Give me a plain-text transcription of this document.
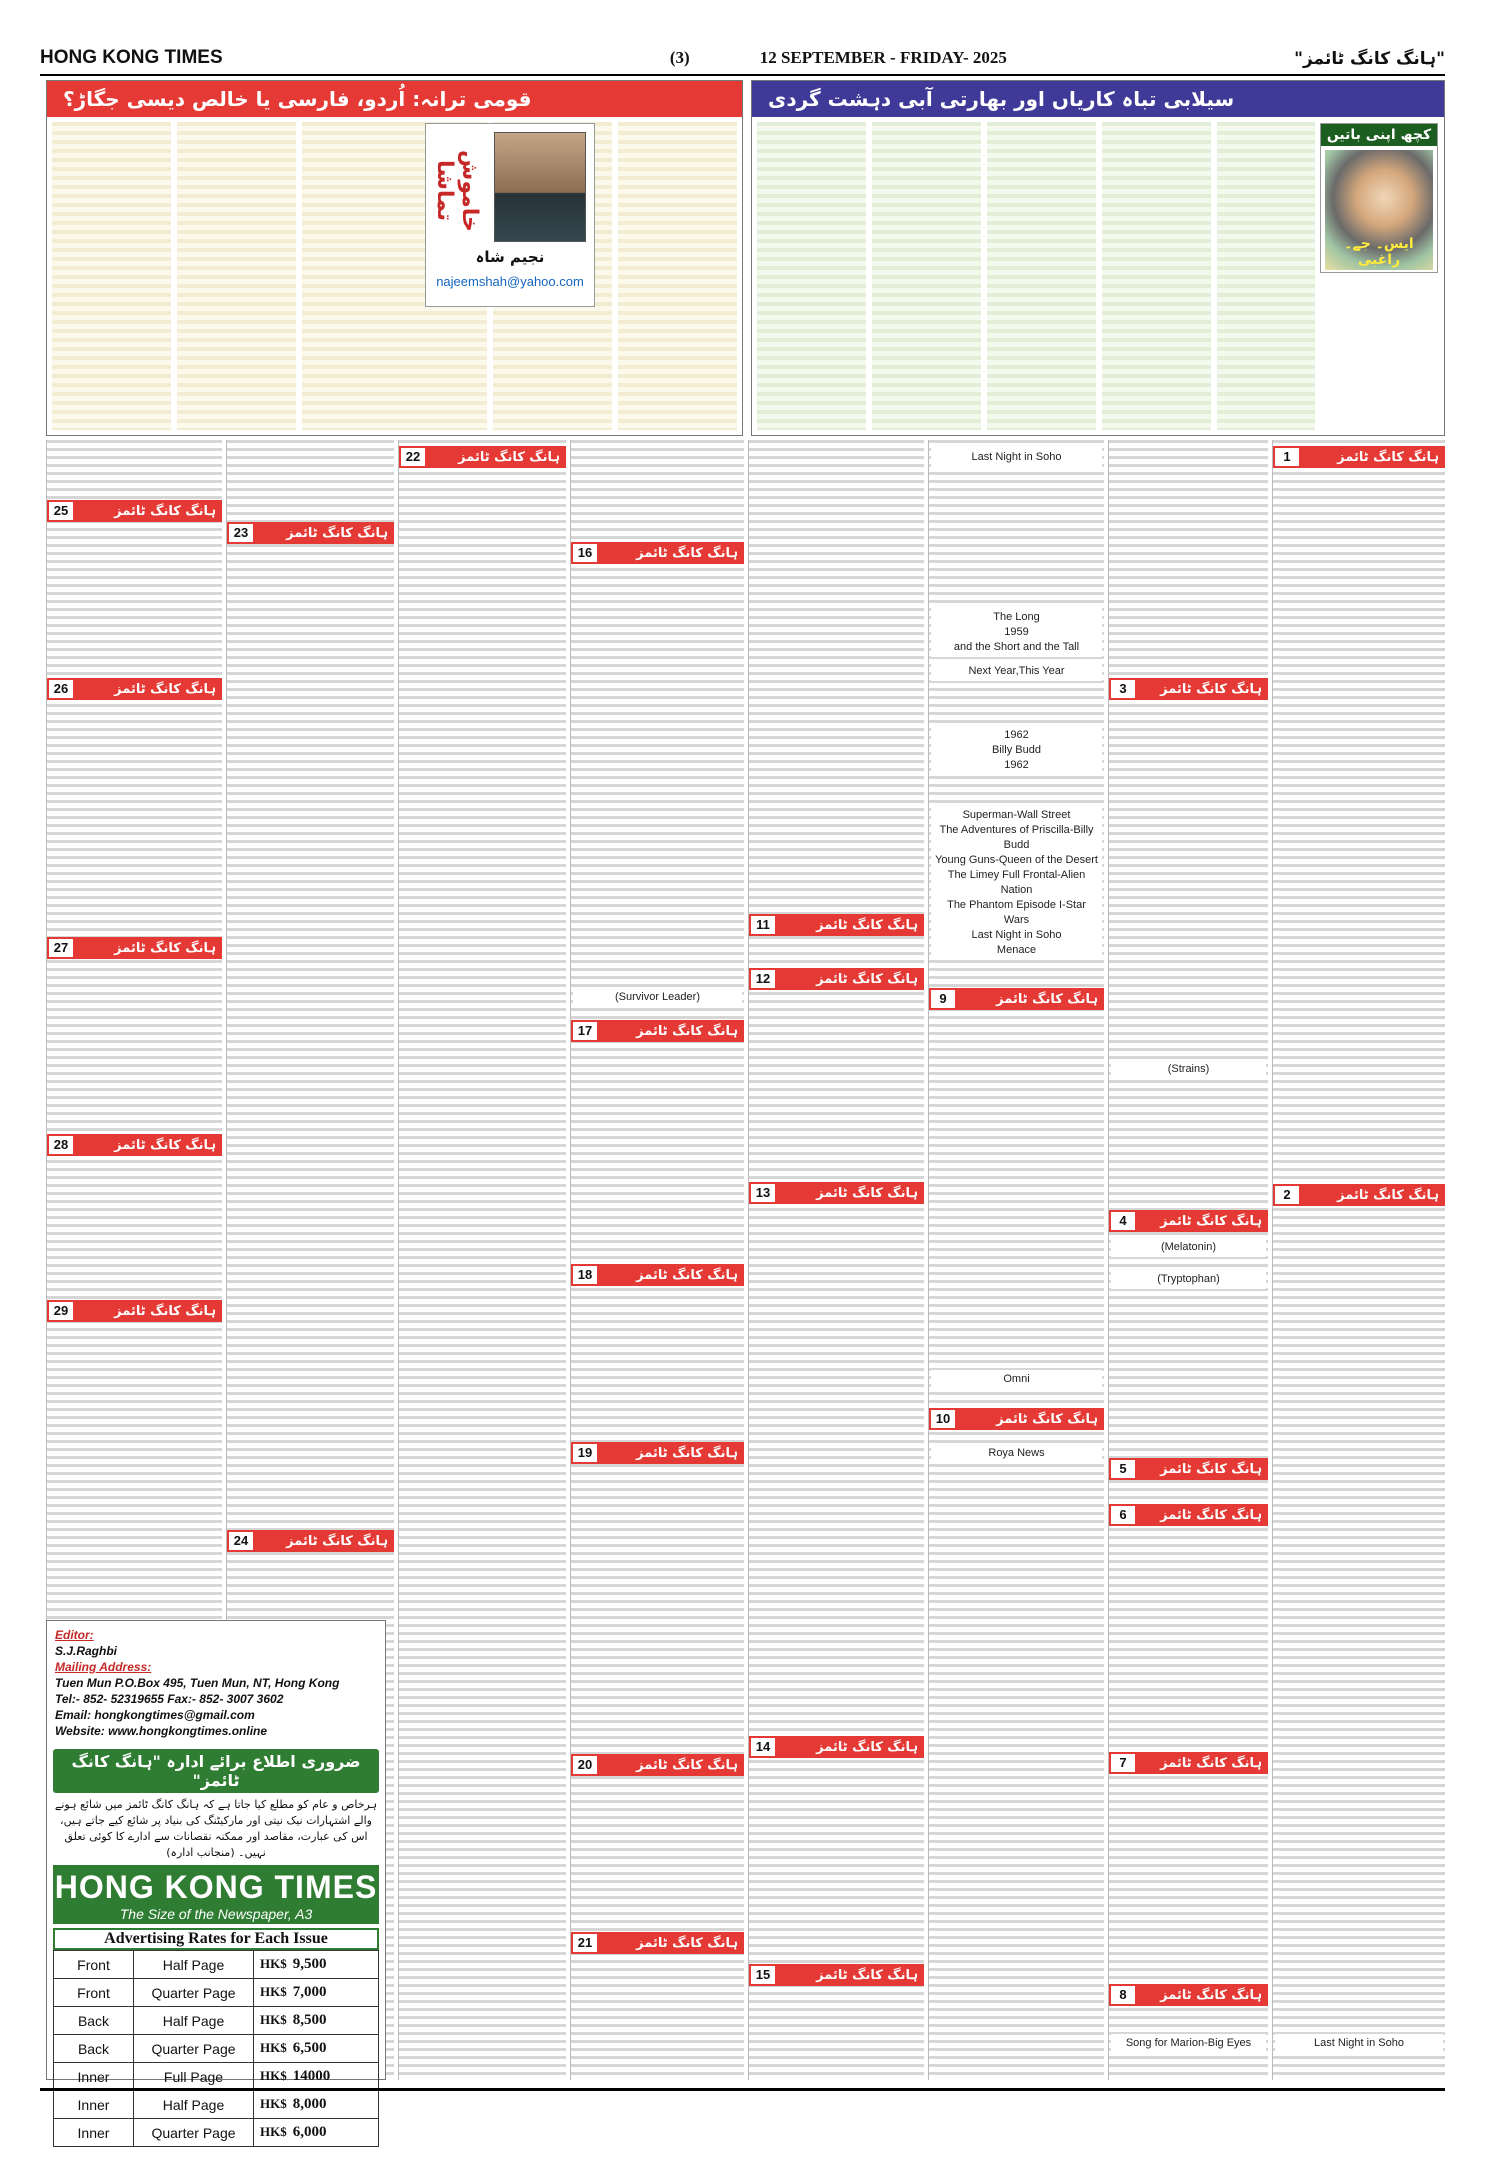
HONG KONG TIMES	(3)	12 SEPTEMBER - FRIDAY- 2025	"ہانگ کانگ ٹائمز"
قومی ترانہ: اُردو، فارسی یا خالص دیسی جگاڑ؟
خاموش تماشا
نجیم شاہ
najeemshah@yahoo.com
سیلابی تباہ کاریاں اور بھارتی آبی دہشت گردی
کچھ اپنی باتیں
ایس۔ جے۔ راغبی
25	ہانگ کانگ ٹائمز
26	ہانگ کانگ ٹائمز
27	ہانگ کانگ ٹائمز
28	ہانگ کانگ ٹائمز
29	ہانگ کانگ ٹائمز
23	ہانگ کانگ ٹائمز
24	ہانگ کانگ ٹائمز
22	ہانگ کانگ ٹائمز
16	ہانگ کانگ ٹائمز
(Survivor Leader)
17	ہانگ کانگ ٹائمز
18	ہانگ کانگ ٹائمز
19	ہانگ کانگ ٹائمز
20	ہانگ کانگ ٹائمز
21	ہانگ کانگ ٹائمز
11	ہانگ کانگ ٹائمز
12	ہانگ کانگ ٹائمز
13	ہانگ کانگ ٹائمز
14	ہانگ کانگ ٹائمز
15	ہانگ کانگ ٹائمز
Last Night in Soho
The Long
1959
and the Short and the Tall
Next Year,This Year
1962
Billy Budd
1962
Superman-Wall Street
The Adventures of Priscilla-Billy Budd
Young Guns-Queen of the Desert
The Limey Full Frontal-Alien Nation
The Phantom Episode I-Star Wars
Last Night in Soho
Menace
9	ہانگ کانگ ٹائمز
10	ہانگ کانگ ٹائمز
Omni
Roya News
3	ہانگ کانگ ٹائمز
(Strains)
4	ہانگ کانگ ٹائمز
(Melatonin)
(Tryptophan)
5	ہانگ کانگ ٹائمز
6	ہانگ کانگ ٹائمز
7	ہانگ کانگ ٹائمز
8	ہانگ کانگ ٹائمز
Song for Marion-Big Eyes
1	ہانگ کانگ ٹائمز
2	ہانگ کانگ ٹائمز
Last Night in Soho
Editor:
S.J.Raghbi
Mailing Address:
Tuen Mun P.O.Box 495, Tuen Mun, NT, Hong Kong
Tel:- 852- 52319655 Fax:- 852- 3007 3602
Email: hongkongtimes@gmail.com
Website: www.hongkongtimes.online
ضروری اطلاع برائے ادارہ "ہانگ کانگ ٹائمز"
ہرخاص و عام کو مطلع کیا جاتا ہے کہ ہانگ کانگ ٹائمز میں شائع ہونے والے اشتہارات نیک نیتی اور مارکیٹنگ کی بنیاد پر شائع کیے جاتے ہیں، اس کی عبارت، مقاصد اور ممکنہ نقصانات سے ادارے کا کوئی تعلق نہیں۔ (منجانب ادارہ)
HONG KONG TIMES
The Size of the Newspaper, A3
Advertising Rates for Each Issue
Front	Half Page	HK$ 9,500
Front	Quarter Page	HK$ 7,000
Back	Half Page	HK$ 8,500
Back	Quarter Page	HK$ 6,500
Inner	Full Page	HK$ 14000
Inner	Half Page	HK$ 8,000
Inner	Quarter Page	HK$ 6,000
